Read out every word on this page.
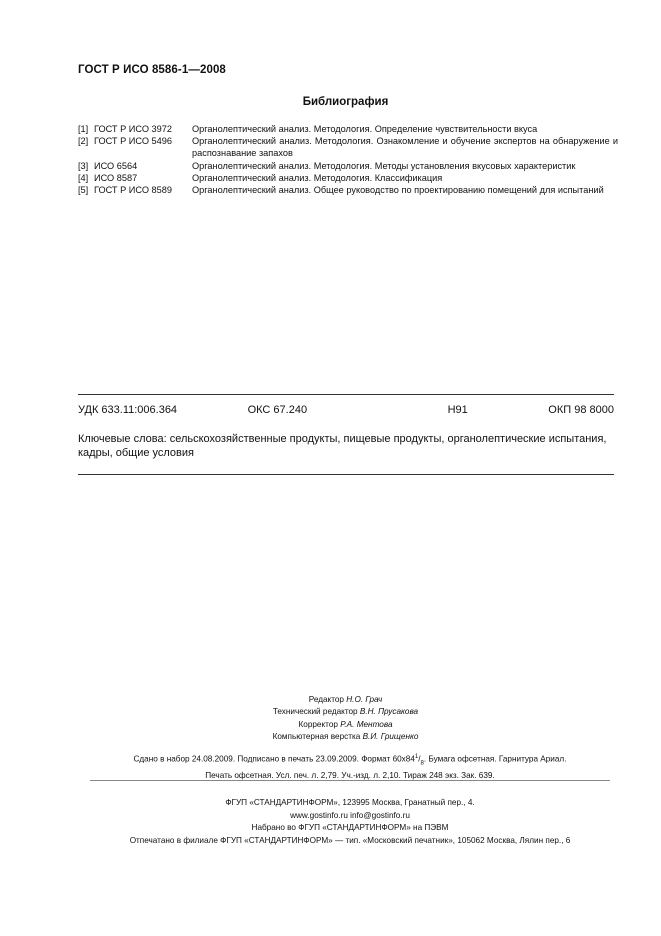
ГОСТ Р ИСО 8586-1—2008
Библиография
[1] ГОСТ Р ИСО 3972	Органолептический анализ. Методология. Определение чувствительности вкуса
[2] ГОСТ Р ИСО 5496	Органолептический анализ. Методология. Ознакомление и обучение экспертов на обнаружение и распознавание запахов
[3] ИСО 6564	Органолептический анализ. Методология. Методы установления вкусовых характеристик
[4] ИСО 8587	Органолептический анализ. Методология. Классификация
[5] ГОСТ Р ИСО 8589	Органолептический анализ. Общее руководство по проектированию помещений для испытаний
УДК 633.11:006.364	ОКС 67.240	Н91	ОКП 98 8000
Ключевые слова: сельскохозяйственные продукты, пищевые продукты, органолептические испытания, кадры, общие условия
Редактор Н.О. Грач
Технический редактор В.Н. Прусакова
Корректор Р.А. Ментова
Компьютерная верстка В.И. Грищенко
Сдано в набор 24.08.2009. Подписано в печать 23.09.2009. Формат $60х84^1/_8$. Бумага офсетная. Гарнитура Ариал.
Печать офсетная. Усл. печ. л. 2,79. Уч.-изд. л. 2,10. Тираж 248 экз. Зак. 639.
ФГУП «СТАНДАРТИНФОРМ», 123995 Москва, Гранатный пер., 4.
www.gostinfo.ru info@gostinfo.ru
Набрано во ФГУП «СТАНДАРТИНФОРМ» на ПЭВМ
Отпечатано в филиале ФГУП «СТАНДАРТИНФОРМ» — тип. «Московский печатник», 105062 Москва, Лялин пер., 6
